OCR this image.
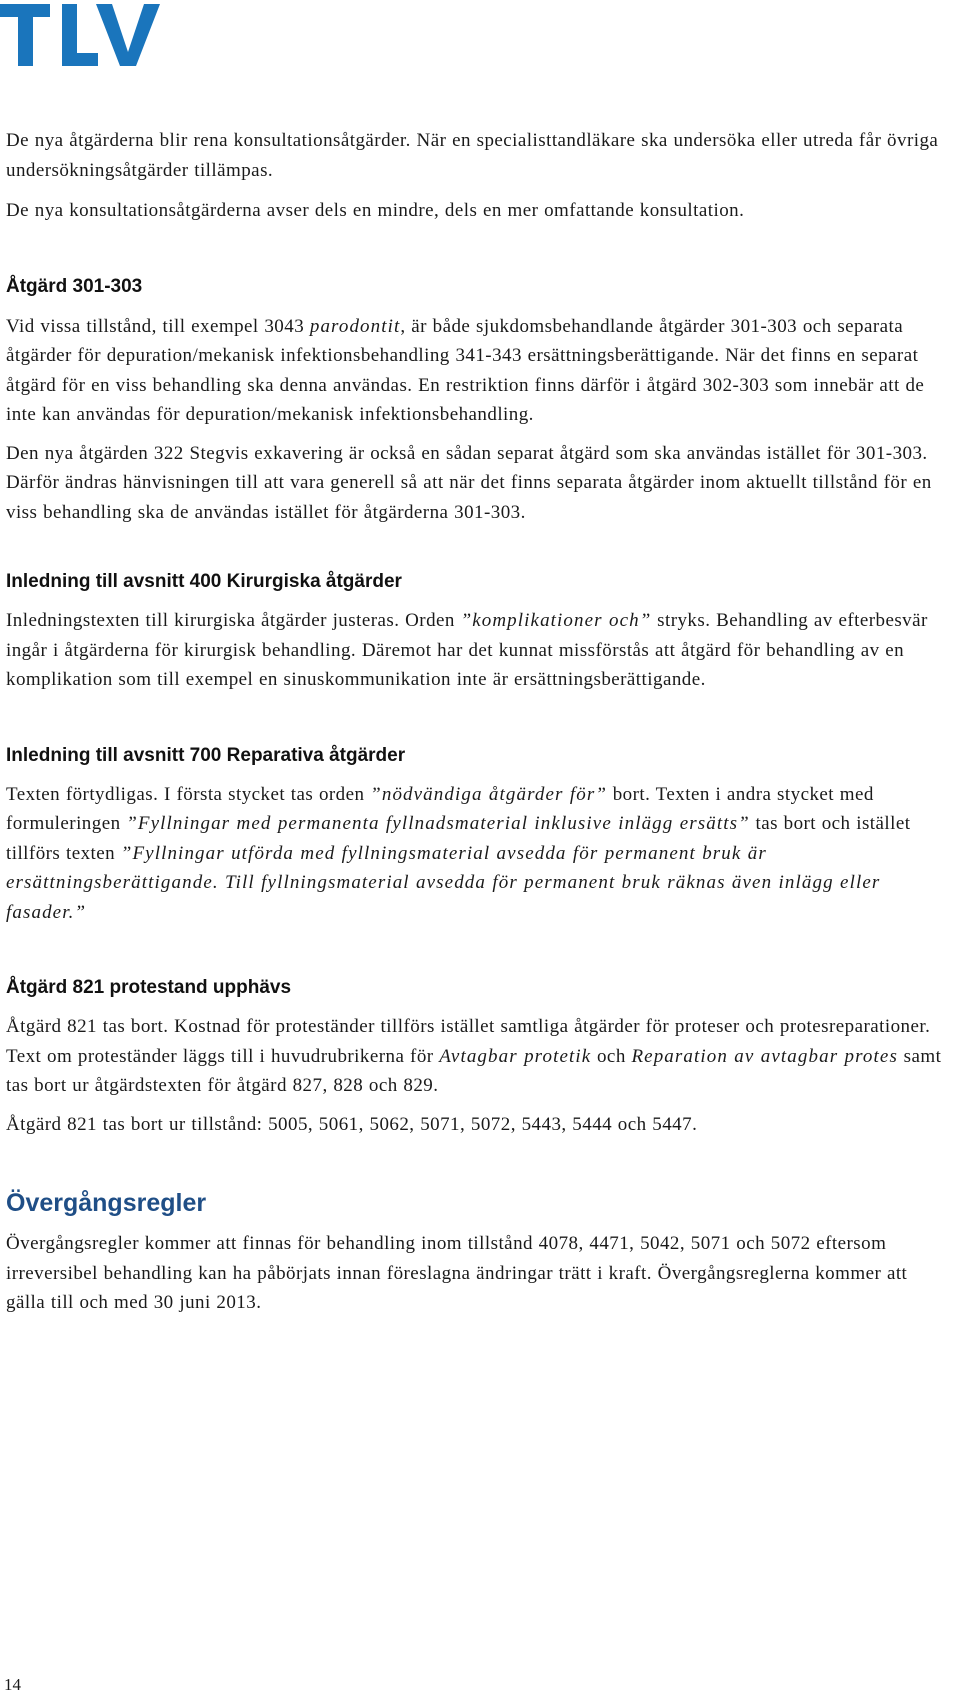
De nya åtgärderna blir rena konsultationsåtgärder. När en specialisttandläkare ska undersöka eller utreda får övriga undersökningsåtgärder tillämpas.

De nya konsultationsåtgärderna avser dels en mindre, dels en mer omfattande konsultation.

Åtgärd 301-303

Vid vissa tillstånd, till exempel 3043 parodontit, är både sjukdomsbehandlande åtgärder 301-303 och separata åtgärder för depuration/mekanisk infektionsbehandling 341-343 ersättningsberättigande. När det finns en separat åtgärd för en viss behandling ska denna användas. En restriktion finns därför i åtgärd 302-303 som innebär att de inte kan användas för depuration/mekanisk infektionsbehandling.

Den nya åtgärden 322 Stegvis exkavering är också en sådan separat åtgärd som ska användas istället för 301-303. Därför ändras hänvisningen till att vara generell så att när det finns separata åtgärder inom aktuellt tillstånd för en viss behandling ska de användas istället för åtgärderna 301-303.

Inledning till avsnitt 400 Kirurgiska åtgärder

Inledningstexten till kirurgiska åtgärder justeras. Orden ”komplikationer och” stryks. Behandling av efterbesvär ingår i åtgärderna för kirurgisk behandling. Däremot har det kunnat missförstås att åtgärd för behandling av en komplikation som till exempel en sinuskommunikation inte är ersättningsberättigande.

Inledning till avsnitt 700 Reparativa åtgärder

Texten förtydligas. I första stycket tas orden ”nödvändiga åtgärder för” bort. Texten i andra stycket med formuleringen ”Fyllningar med permanenta fyllnadsmaterial inklusive inlägg ersätts” tas bort och istället tillförs texten ”Fyllningar utförda med fyllningsmaterial avsedda för permanent bruk är ersättningsberättigande. Till fyllningsmaterial avsedda för permanent bruk räknas även inlägg eller fasader.”

Åtgärd 821 protestand upphävs

Åtgärd 821 tas bort. Kostnad för proteständer tillförs istället samtliga åtgärder för proteser och protesreparationer. Text om proteständer läggs till i huvudrubrikerna för Avtagbar protetik och Reparation av avtagbar protes samt tas bort ur åtgärdstexten för åtgärd 827, 828 och 829.

Åtgärd 821 tas bort ur tillstånd: 5005, 5061, 5062, 5071, 5072, 5443, 5444 och 5447.

Övergångsregler

Övergångsregler kommer att finnas för behandling inom tillstånd 4078, 4471, 5042, 5071 och 5072 eftersom irreversibel behandling kan ha påbörjats innan föreslagna ändringar trätt i kraft. Övergångsreglerna kommer att gälla till och med 30 juni 2013.

14
